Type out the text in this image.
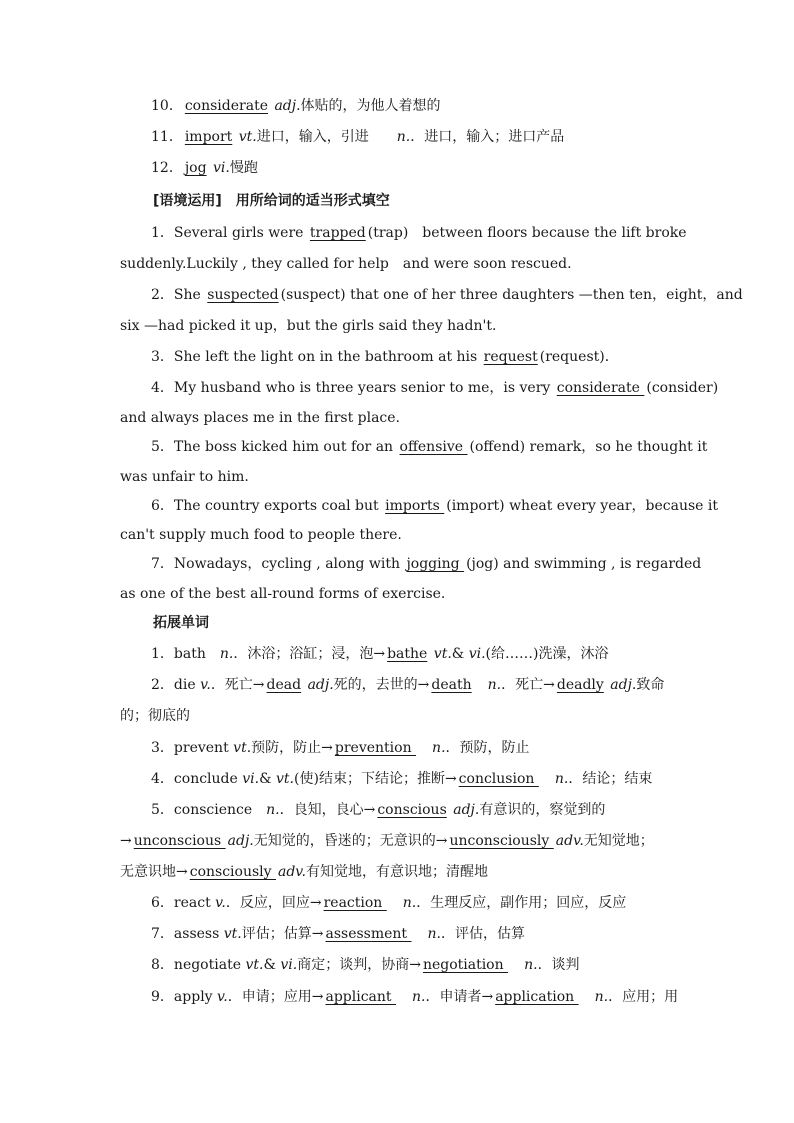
10． considerate adj.体贴的，为他人着想的
11． import vt.进口，输入，引进 n.．进口，输入；进口产品
12． jog vi.慢跑
[语境运用]　用所给词的适当形式填空
1．Several girls were trapped (trap)　between floors because the lift broke
suddenly.Luckily , they called for help　and were soon rescued.
2．She suspected (suspect) that one of her three daughters —then ten，eight，and
six —had picked it up，but the girls said they hadn't.
3．She left the light on in the bathroom at his request (request)．
4．My husband who is three years senior to me，is very considerate (consider)
and always places me in the first place.
5．The boss kicked him out for an offensive (offend) remark，so he thought it
was unfair to him.
6．The country exports coal but imports (import) wheat every year，because it
can't supply much food to people there.
7．Nowadays，cycling , along with jogging (jog) and swimming , is regarded
as one of the best all-round forms of exercise.
拓展单词
1．bath　n.．沐浴；浴缸；浸，泡→ bathe vt.& vi.(给……)洗澡，沐浴
2．die v.．死亡→ dead adj.死的，去世的→ death　 n.．死亡→ deadly adj.致命
的；彻底的
3．prevent vt.预防，防止→ prevention 　n.．预防，防止
4．conclude vi.& vt.(使)结束；下结论；推断→ conclusion 　n.．结论；结束
5．conscience　n.．良知，良心→ conscious adj.有意识的，察觉到的
→ unconscious adj.无知觉的，昏迷的；无意识的→ unconsciously adv.无知觉地；
无意识地→ consciously adv.有知觉地，有意识地；清醒地
6．react v.．反应，回应→ reaction 　n.．生理反应，副作用；回应，反应
7．assess vt.评估；估算→ assessment 　n.．评估，估算
8．negotiate vt.& vi.商定；谈判，协商→ negotiation 　n.．谈判
9．apply v.．申请；应用→ applicant 　n.．申请者→ application 　n.．应用；用
